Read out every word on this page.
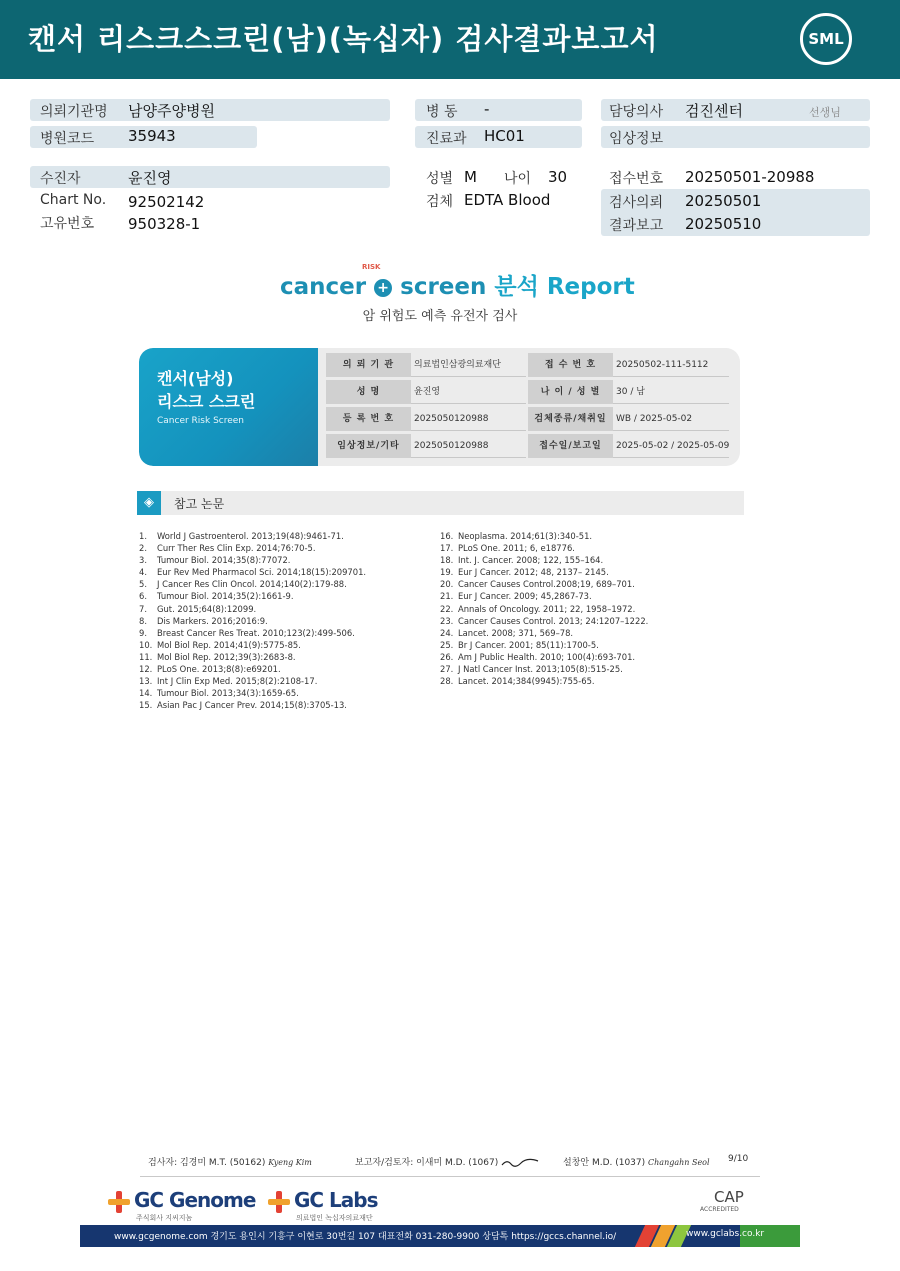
캔서 리스크스크린(남)(녹십자) 검사결과보고서	SML
의뢰기관명 남양주양병원
병원코드 35943
병 동 -
진료과 HC01
담당의사 검진센터	선생님
임상정보
수진자	윤진영
Chart No. 92502142
고유번호 950328-1
성별 M 나이 30
검체 EDTA Blood
접수번호 20250501-20988
검사의뢰 20250501
결과보고 20250510
cancer +
RISK
screen 분석 Report
암 위험도 예측 유전자 검사
캔서(남성)
리스크 스크린
Cancer Risk Screen
의 뢰 기 관	의료법인삼광의료재단	접 수 번 호	20250502-111-5112
성 명	윤진영	나 이 / 성 별	30 / 남
등 록 번 호	2025050120988	검체종류/채취일	WB / 2025-05-02
임상정보/기타	2025050120988	접수일/보고일	2025-05-02 / 2025-05-09
◈	참고 논문
1. World J Gastroenterol. 2013;19(48):9461-71.
2. Curr Ther Res Clin Exp. 2014;76:70-5.
3. Tumour Biol. 2014;35(8):77072.
4. Eur Rev Med Pharmacol Sci. 2014;18(15):209701.
5. J Cancer Res Clin Oncol. 2014;140(2):179-88.
6. Tumour Biol. 2014;35(2):1661-9.
7. Gut. 2015;64(8):12099.
8. Dis Markers. 2016;2016:9.
9. Breast Cancer Res Treat. 2010;123(2):499-506.
10. Mol Biol Rep. 2014;41(9):5775-85.
11. Mol Biol Rep. 2012;39(3):2683-8.
12. PLoS One. 2013;8(8):e69201.
13. Int J Clin Exp Med. 2015;8(2):2108-17.
14. Tumour Biol. 2013;34(3):1659-65.
15. Asian Pac J Cancer Prev. 2014;15(8):3705-13.
16. Neoplasma. 2014;61(3):340-51.
17. PLoS One. 2011; 6, e18776.
18. Int. J. Cancer. 2008; 122, 155–164.
19. Eur J Cancer. 2012; 48, 2137– 2145.
20. Cancer Causes Control.2008;19, 689–701.
21. Eur J Cancer. 2009; 45,2867-73.
22. Annals of Oncology. 2011; 22, 1958–1972.
23. Cancer Causes Control. 2013; 24:1207–1222.
24. Lancet. 2008; 371, 569–78.
25. Br J Cancer. 2001; 85(11):1700-5.
26. Am J Public Health. 2010; 100(4):693-701.
27. J Natl Cancer Inst. 2013;105(8):515-25.
28. Lancet. 2014;384(9945):755-65.
검사자: 김경미 M.T. (50162) Kyeng Kim	보고자/검토자: 이새미 M.D. (1067)	설창안 M.D. (1037) Changahn Seol 9/10
GC Genome
주식회사 지씨지놈
GC Labs
의료법인 녹십자의료재단
CAP
ACCREDITED
www.gcgenome.com 경기도 용인시 기흥구 이현로 30번길 107 대표전화 031-280-9900 상담톡 https://gccs.channel.io/	www.gclabs.co.kr
